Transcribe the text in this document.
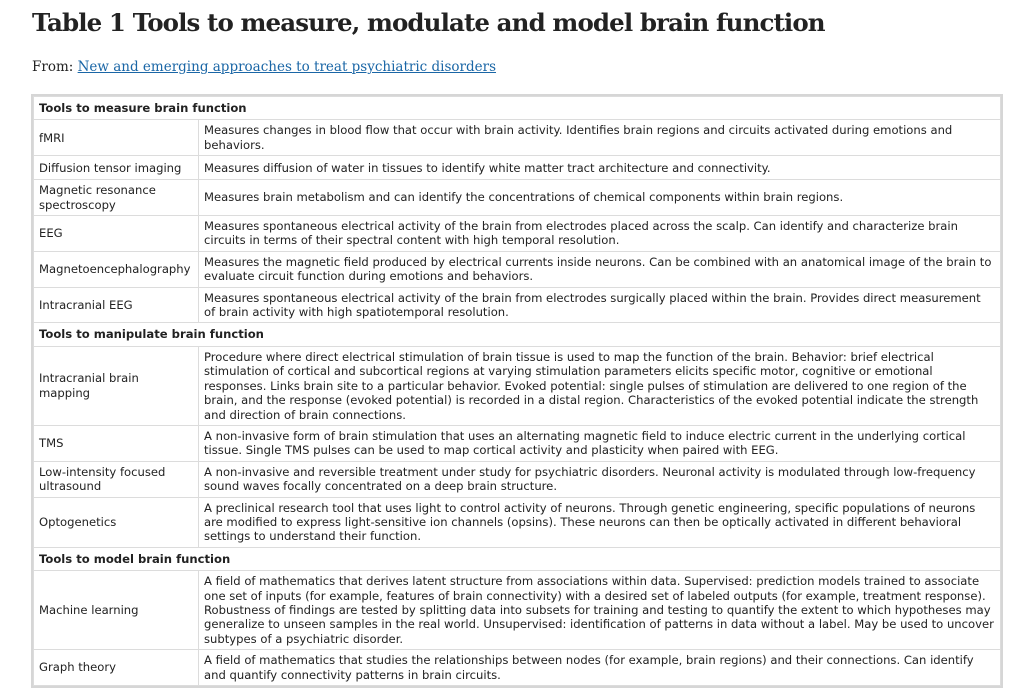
Table 1 Tools to measure, modulate and model brain function
From: New and emerging approaches to treat psychiatric disorders
Tools to measure brain function	
fMRI	Measures changes in blood flow that occur with brain activity. Identifies brain regions and circuits activated during emotions and behaviors.
Diffusion tensor imaging	Measures diffusion of water in tissues to identify white matter tract architecture and connectivity.
Magnetic resonance spectroscopy	Measures brain metabolism and can identify the concentrations of chemical components within brain regions.
EEG	Measures spontaneous electrical activity of the brain from electrodes placed across the scalp. Can identify and characterize brain circuits in terms of their spectral content with high temporal resolution.
Magnetoencephalography	Measures the magnetic field produced by electrical currents inside neurons. Can be combined with an anatomical image of the brain to evaluate circuit function during emotions and behaviors.
Intracranial EEG	Measures spontaneous electrical activity of the brain from electrodes surgically placed within the brain. Provides direct measurement of brain activity with high spatiotemporal resolution.
Tools to manipulate brain function	
Intracranial brain mapping	Procedure where direct electrical stimulation of brain tissue is used to map the function of the brain. Behavior: brief electrical stimulation of cortical and subcortical regions at varying stimulation parameters elicits specific motor, cognitive or emotional responses. Links brain site to a particular behavior. Evoked potential: single pulses of stimulation are delivered to one region of the brain, and the response (evoked potential) is recorded in a distal region. Characteristics of the evoked potential indicate the strength and direction of brain connections.
TMS	A non-invasive form of brain stimulation that uses an alternating magnetic field to induce electric current in the underlying cortical tissue. Single TMS pulses can be used to map cortical activity and plasticity when paired with EEG.
Low-intensity focused ultrasound	A non-invasive and reversible treatment under study for psychiatric disorders. Neuronal activity is modulated through low-frequency sound waves focally concentrated on a deep brain structure.
Optogenetics	A preclinical research tool that uses light to control activity of neurons. Through genetic engineering, specific populations of neurons are modified to express light-sensitive ion channels (opsins). These neurons can then be optically activated in different behavioral settings to understand their function.
Tools to model brain function	
Machine learning	A field of mathematics that derives latent structure from associations within data. Supervised: prediction models trained to associate one set of inputs (for example, features of brain connectivity) with a desired set of labeled outputs (for example, treatment response). Robustness of findings are tested by splitting data into subsets for training and testing to quantify the extent to which hypotheses may generalize to unseen samples in the real world. Unsupervised: identification of patterns in data without a label. May be used to uncover subtypes of a psychiatric disorder.
Graph theory	A field of mathematics that studies the relationships between nodes (for example, brain regions) and their connections. Can identify and quantify connectivity patterns in brain circuits.
